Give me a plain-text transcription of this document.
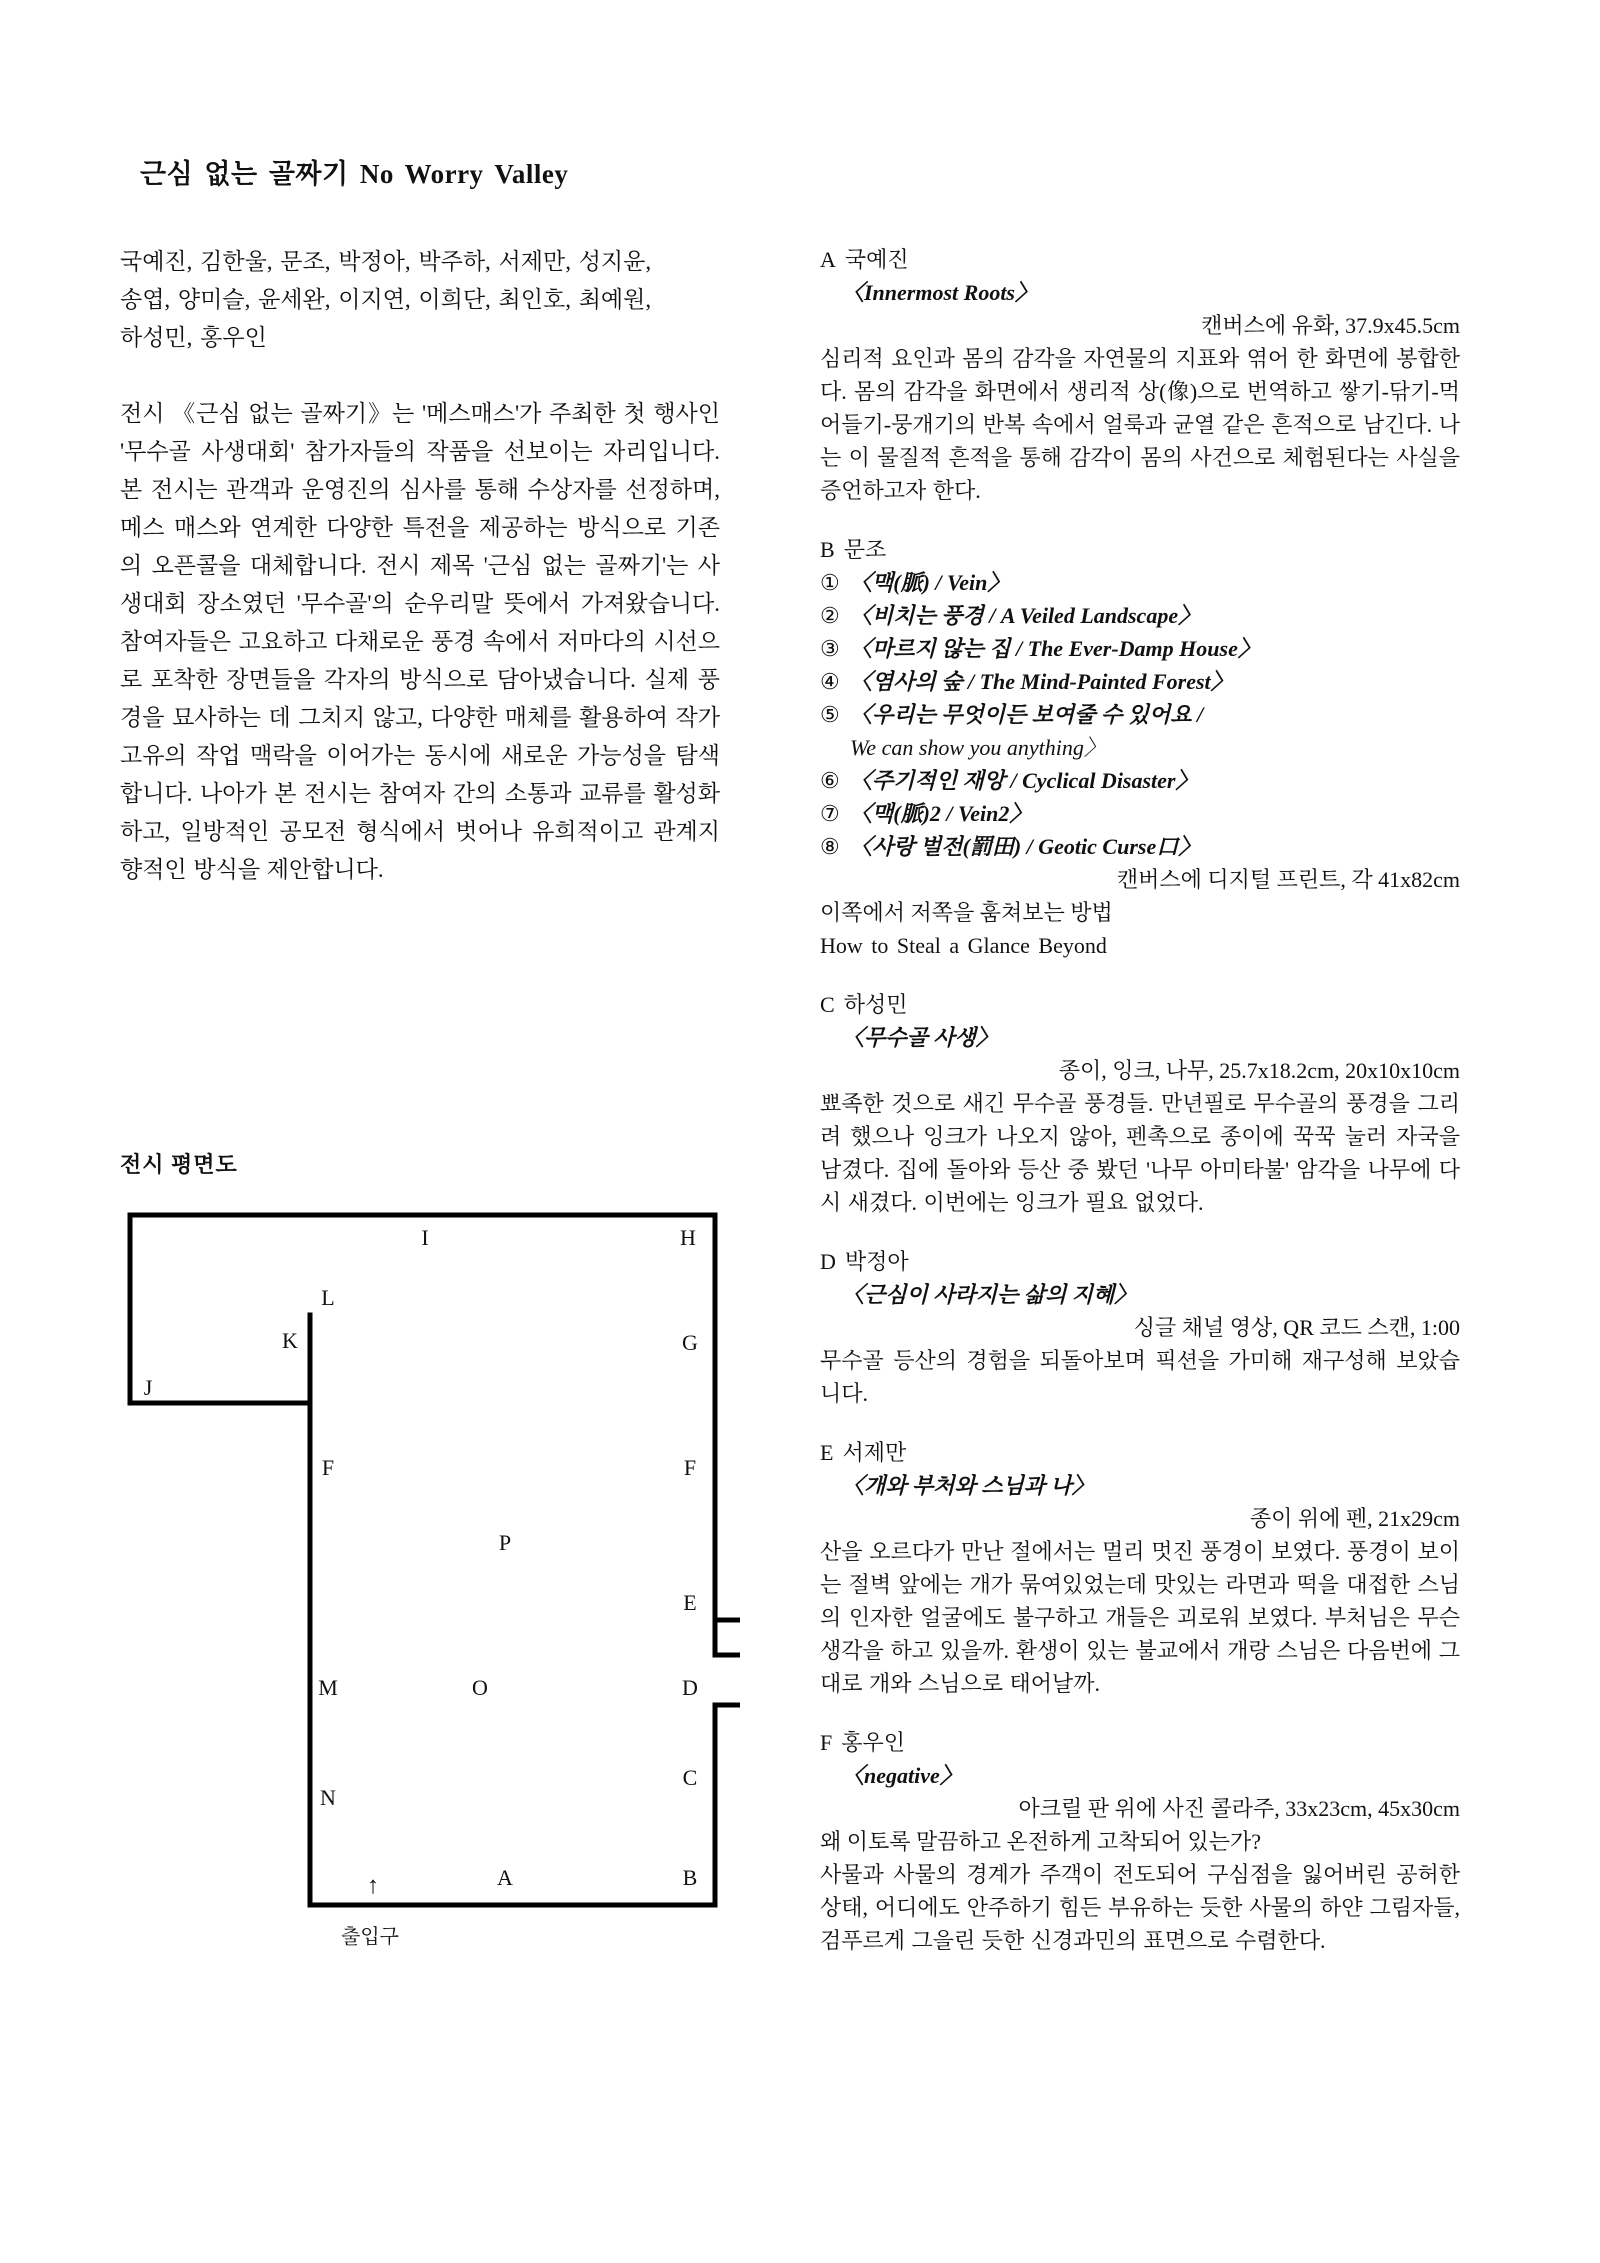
근심 없는 골짜기 No Worry Valley
국예진, 김한울, 문조, 박정아, 박주하, 서제만, 성지윤,
송엽, 양미슬, 윤세완, 이지연, 이희단, 최인호, 최예원,
하성민, 홍우인
전시 《근심 없는 골짜기》는 '메스매스'가 주최한 첫 행사인 '무수골 사생대회' 참가자들의 작품을 선보이는 자리입니다. 본 전시는 관객과 운영진의 심사를 통해 수상자를 선정하며, 메스 매스와 연계한 다양한 특전을 제공하는 방식으로 기존의 오픈콜을 대체합니다. 전시 제목 '근심 없는 골짜기'는 사생대회 장소였던 '무수골'의 순우리말 뜻에서 가져왔습니다. 참여자들은 고요하고 다채로운 풍경 속에서 저마다의 시선으로 포착한 장면들을 각자의 방식으로 담아냈습니다. 실제 풍경을 묘사하는 데 그치지 않고, 다양한 매체를 활용하여 작가 고유의 작업 맥락을 이어가는 동시에 새로운 가능성을 탐색합니다. 나아가 본 전시는 참여자 간의 소통과 교류를 활성화하고, 일방적인 공모전 형식에서 벗어나 유희적이고 관계지향적인 방식을 제안합니다.
전시 평면도
I	H
L
G
K
J
F	F
P
E
M	O	D
C
N
A	B
↑
출입구
A 국예진
〈Innermost Roots〉
캔버스에 유화, 37.9x45.5cm
심리적 요인과 몸의 감각을 자연물의 지표와 엮어 한 화면에 봉합한다. 몸의 감각을 화면에서 생리적 상(像)으로 번역하고 쌓기-닦기-먹어들기-뭉개기의 반복 속에서 얼룩과 균열 같은 흔적으로 남긴다. 나는 이 물질적 흔적을 통해 감각이 몸의 사건으로 체험된다는 사실을 증언하고자 한다.
B 문조
① 〈맥(脈) / Vein〉
② 〈비치는 풍경 / A Veiled Landscape〉
③ 〈마르지 않는 집 / The Ever-Damp House〉
④ 〈염사의 숲 / The Mind-Painted Forest〉
⑤ 〈우리는 무엇이든 보여줄 수 있어요 /
We can show you anything〉
⑥ 〈주기적인 재앙 / Cyclical Disaster〉
⑦ 〈맥(脈)2 / Vein2〉
⑧ 〈사랑 벌전(罰田) / Geotic Curse口〉
캔버스에 디지털 프린트, 각 41x82cm
이쪽에서 저쪽을 훔쳐보는 방법
How to Steal a Glance Beyond
C 하성민
〈무수골 사생〉
종이, 잉크, 나무, 25.7x18.2cm, 20x10x10cm
뾰족한 것으로 새긴 무수골 풍경들. 만년필로 무수골의 풍경을 그리려 했으나 잉크가 나오지 않아, 펜촉으로 종이에 꾹꾹 눌러 자국을 남겼다. 집에 돌아와 등산 중 봤던 '나무 아미타불' 암각을 나무에 다시 새겼다. 이번에는 잉크가 필요 없었다.
D 박정아
〈근심이 사라지는 삶의 지혜〉
싱글 채널 영상, QR 코드 스캔, 1:00
무수골 등산의 경험을 되돌아보며 픽션을 가미해 재구성해 보았습니다.
E 서제만
〈개와 부처와 스님과 나〉
종이 위에 펜, 21x29cm
산을 오르다가 만난 절에서는 멀리 멋진 풍경이 보였다. 풍경이 보이는 절벽 앞에는 개가 묶여있었는데 맛있는 라면과 떡을 대접한 스님의 인자한 얼굴에도 불구하고 개들은 괴로워 보였다. 부처님은 무슨 생각을 하고 있을까. 환생이 있는 불교에서 개랑 스님은 다음번에 그대로 개와 스님으로 태어날까.
F 홍우인
〈negative〉
아크릴 판 위에 사진 콜라주, 33x23cm, 45x30cm
왜 이토록 말끔하고 온전하게 고착되어 있는가?
사물과 사물의 경계가 주객이 전도되어 구심점을 잃어버린 공허한 상태, 어디에도 안주하기 힘든 부유하는 듯한 사물의 하얀 그림자들, 검푸르게 그을린 듯한 신경과민의 표면으로 수렴한다.
